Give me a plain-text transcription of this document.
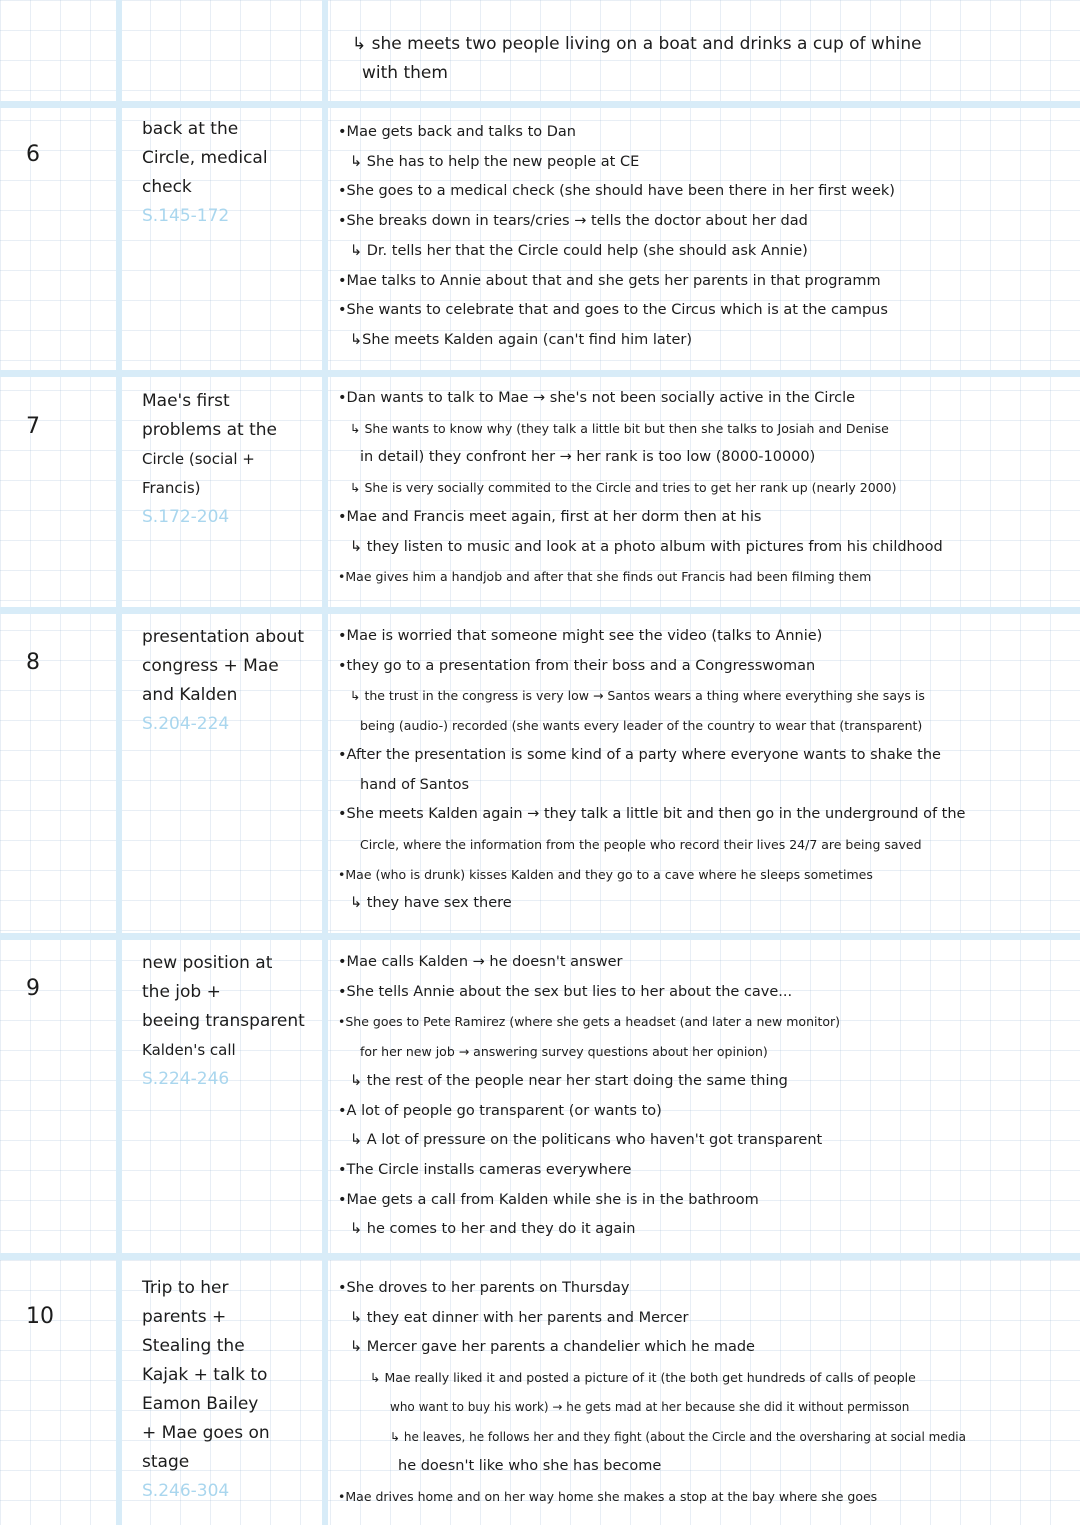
↳ she meets two people living on a boat and drinks a cup of whine
with them
6
back at the
Circle, medical
check
S.145-172
•Mae gets back and talks to Dan
↳ She has to help the new people at CE
•She goes to a medical check (she should have been there in her first week)
•She breaks down in tears/cries → tells the doctor about her dad
↳ Dr. tells her that the Circle could help (she should ask Annie)
•Mae talks to Annie about that and she gets her parents in that programm
•She wants to celebrate that and goes to the Circus which is at the campus
↳She meets Kalden again (can't find him later)
7
Mae's first
problems at the
Circle (social + Francis)
S.172-204
•Dan wants to talk to Mae → she's not been socially active in the Circle
↳ She wants to know why (they talk a little bit but then she talks to Josiah and Denise
in detail) they confront her → her rank is too low (8000-10000)
↳ She is very socially commited to the Circle and tries to get her rank up (nearly 2000)
•Mae and Francis meet again, first at her dorm then at his
↳ they listen to music and look at a photo album with pictures from his childhood
•Mae gives him a handjob and after that she finds out Francis had been filming them
8
presentation about
congress + Mae
and Kalden
S.204-224
•Mae is worried that someone might see the video (talks to Annie)
•they go to a presentation from their boss and a Congresswoman
↳ the trust in the congress is very low → Santos wears a thing where everything she says is
being (audio-) recorded (she wants every leader of the country to wear that (transparent)
•After the presentation is some kind of a party where everyone wants to shake the
hand of Santos
•She meets Kalden again → they talk a little bit and then go in the underground of the
Circle, where the information from the people who record their lives 24/7 are being saved
•Mae (who is drunk) kisses Kalden and they go to a cave where he sleeps sometimes
↳ they have sex there
9
new position at
the job +
beeing transparent
Kalden's call
S.224-246
•Mae calls Kalden → he doesn't answer
•She tells Annie about the sex but lies to her about the cave...
•She goes to Pete Ramirez (where she gets a headset (and later a new monitor)
for her new job → answering survey questions about her opinion)
↳ the rest of the people near her start doing the same thing
•A lot of people go transparent (or wants to)
↳ A lot of pressure on the politicans who haven't got transparent
•The Circle installs cameras everywhere
•Mae gets a call from Kalden while she is in the bathroom
↳ he comes to her and they do it again
10
Trip to her
parents +
Stealing the
Kajak + talk to
Eamon Bailey
+ Mae goes on
stage
S.246-304
•She droves to her parents on Thursday
↳ they eat dinner with her parents and Mercer
↳ Mercer gave her parents a chandelier which he made
↳ Mae really liked it and posted a picture of it (the both get hundreds of calls of people
who want to buy his work) → he gets mad at her because she did it without permisson
↳ he leaves, he follows her and they fight (about the Circle and the oversharing at social media
he doesn't like who she has become
•Mae drives home and on her way home she makes a stop at the bay where she goes
